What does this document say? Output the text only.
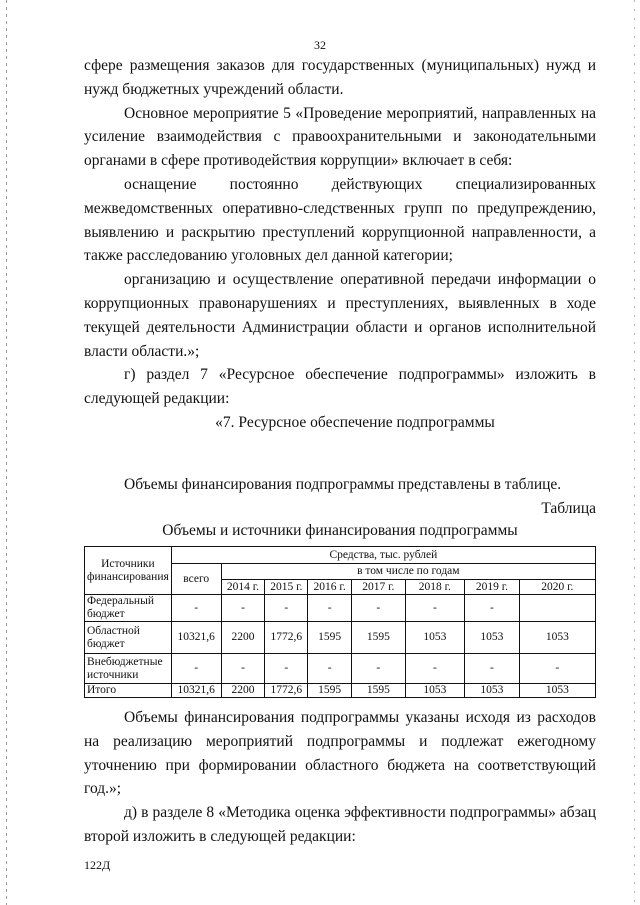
32

сфере размещения заказов для государственных (муниципальных) нужд и нужд бюджетных учреждений области.

Основное мероприятие 5 «Проведение мероприятий, направленных на усиление взаимодействия с правоохранительными и законодательными органами в сфере противодействия коррупции» включает в себя:

оснащение постоянно действующих специализированных межведомственных оперативно-следственных групп по предупреждению, выявлению и раскрытию преступлений коррупционной направленности, а также расследованию уголовных дел данной категории;

организацию и осуществление оперативной передачи информации о коррупционных правонарушениях и преступлениях, выявленных в ходе текущей деятельности Администрации области и органов исполнительной власти области.»;

г) раздел 7 «Ресурсное обеспечение подпрограммы» изложить в следующей редакции:

«7. Ресурсное обеспечение подпрограммы

Объемы финансирования подпрограммы представлены в таблице.

Таблица

Объемы и источники финансирования подпрограммы
Источники финансирования	Средства, тыс. рублей							
	всего	в том числе по годам						
		2014 г.	2015 г.	2016 г.	2017 г.	2018 г.	2019 г.	2020 г.
Федеральный бюджет	-	-	-	-	-	-	-	
Областной бюджет	10321,6	2200	1772,6	1595	1595	1053	1053	1053
Внебюджетные источники	-	-	-	-	-	-	-	-
Итого	10321,6	2200	1772,6	1595	1595	1053	1053	1053

Объемы финансирования подпрограммы указаны исходя из расходов на реализацию мероприятий подпрограммы и подлежат ежегодному уточнению при формировании областного бюджета на соответствующий год.»;

д) в разделе 8 «Методика оценка эффективности подпрограммы» абзац второй изложить в следующей редакции:

122Д
